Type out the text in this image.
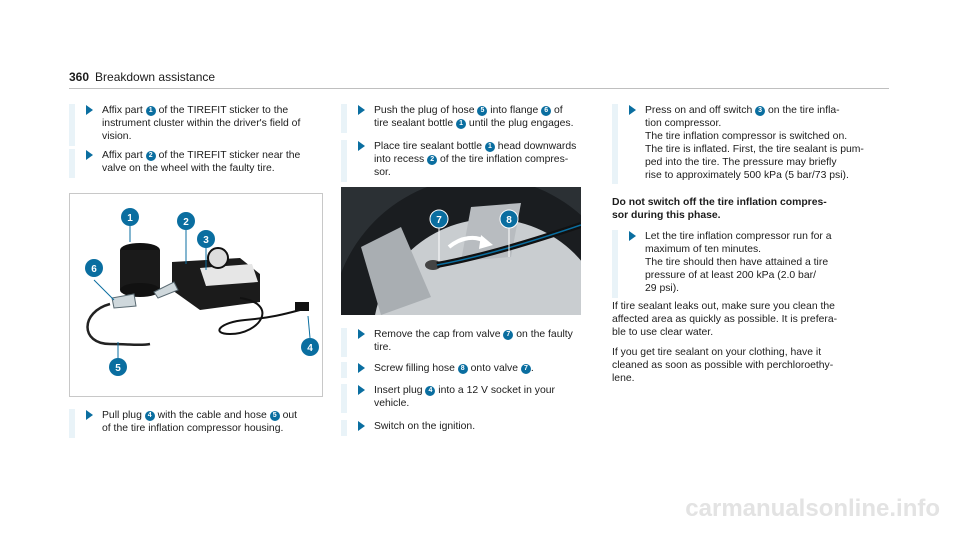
360 Breakdown assistance
Affix part 1 of the TIREFIT sticker to the
instrument cluster within the driver's field of
vision.
Affix part 2 of the TIREFIT sticker near the
valve on the wheel with the faulty tire.
1	2
3
4
5
6
Pull plug 4 with the cable and hose 5 out
of the tire inflation compressor housing.
Push the plug of hose 5 into flange 6 of
tire sealant bottle 1 until the plug engages.
Place tire sealant bottle 1 head downwards
into recess 2 of the tire inflation compres-
sor.
7	8
Remove the cap from valve 7 on the faulty
tire.
Screw filling hose 8 onto valve 7 .
Insert plug 4 into a 12 V socket in your
vehicle.
Switch on the ignition.
Press on and off switch 3 on the tire infla-
tion compressor.
The tire inflation compressor is switched on.
The tire is inflated. First, the tire sealant is pum-
ped into the tire. The pressure may briefly
rise to approximately 500 kPa (5 bar/73 psi).
Do not switch off the tire inflation compres-
sor during this phase.
Let the tire inflation compressor run for a
maximum of ten minutes.
The tire should then have attained a tire
pressure of at least 200 kPa (2.0 bar/
29 psi).
If tire sealant leaks out, make sure you clean the
affected area as quickly as possible. It is prefera-
ble to use clear water.
If you get tire sealant on your clothing, have it
cleaned as soon as possible with perchloroethy-
lene.
carmanualsonline.info
